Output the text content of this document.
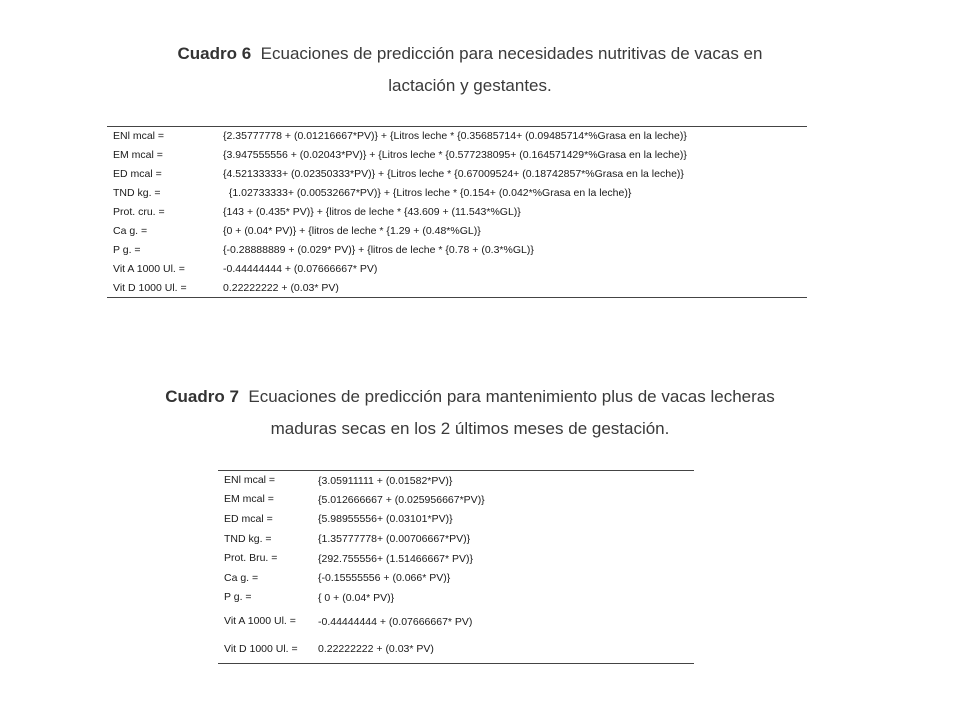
Cuadro 6 Ecuaciones de predicción para necesidades nutritivas de vacas en
lactación y gestantes.
ENl mcal =	{2.35777778 + (0.01216667*PV)} + {Litros leche * {0.35685714+ (0.09485714*%Grasa en la leche)}
EM mcal =	{3.947555556 + (0.02043*PV)} + {Litros leche * {0.577238095+ (0.164571429*%Grasa en la leche)}
ED mcal =	{4.52133333+ (0.02350333*PV)} + {Litros leche * {0.67009524+ (0.18742857*%Grasa en la leche)}
TND kg. =	{1.02733333+ (0.00532667*PV)} + {Litros leche * {0.154+ (0.042*%Grasa en la leche)}
Prot. cru. =	{143 + (0.435* PV)} + {litros de leche * {43.609 + (11.543*%GL)}
Ca g. =	{0 + (0.04* PV)} + {litros de leche * {1.29 + (0.48*%GL)}
P g. =	{-0.28888889 + (0.029* PV)} + {litros de leche * {0.78 + (0.3*%GL)}
Vit A 1000 Ul. =	-0.44444444 + (0.07666667* PV)
Vit D 1000 Ul. =	0.22222222 + (0.03* PV)
Cuadro 7 Ecuaciones de predicción para mantenimiento plus de vacas lecheras
maduras secas en los 2 últimos meses de gestación.
ENl mcal =	{3.05911111 + (0.01582*PV)}
EM mcal =	{5.012666667 + (0.025956667*PV)}
ED mcal =	{5.98955556+ (0.03101*PV)}
TND kg. =	{1.35777778+ (0.00706667*PV)}
Prot. Bru. =	{292.755556+ (1.51466667* PV)}
Ca g. =	{-0.15555556 + (0.066* PV)}
P g. =	{ 0 + (0.04* PV)}
Vit A 1000 Ul. =	-0.44444444 + (0.07666667* PV)
Vit D 1000 Ul. =	0.22222222 + (0.03* PV)
